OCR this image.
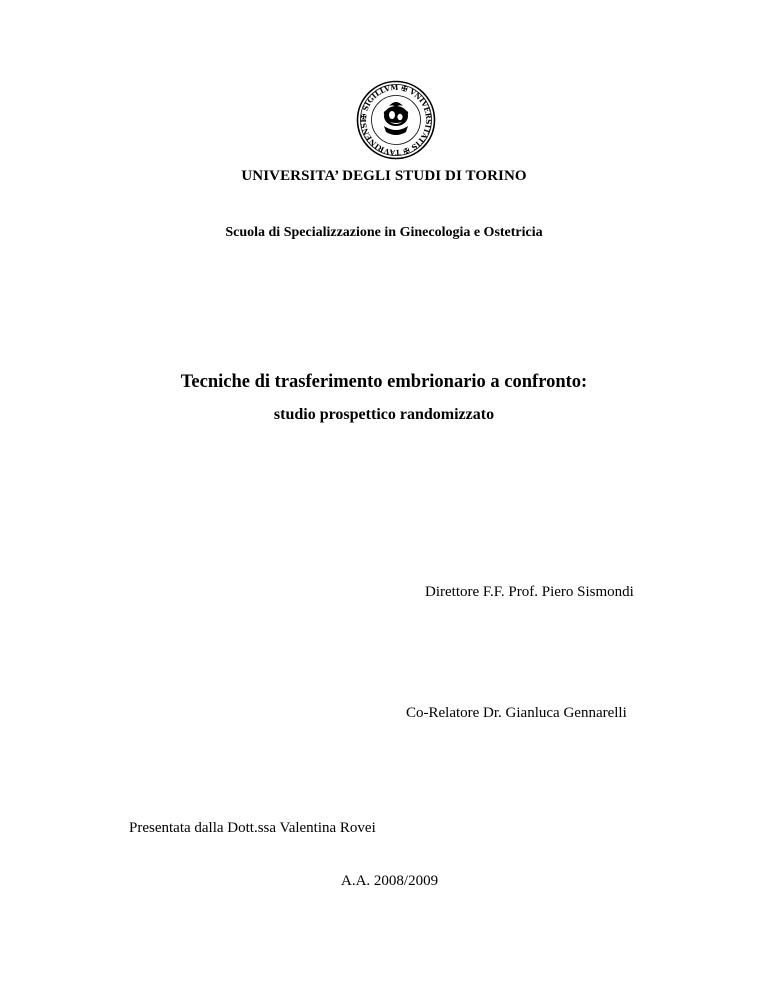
✠ SIGILLVM ✠ VNIVERSITATIS ✠ TAVRINENSI
UNIVERSITA’ DEGLI STUDI DI TORINO
Scuola di Specializzazione in Ginecologia e Ostetricia
Tecniche di trasferimento embrionario a confronto:
studio prospettico randomizzato
Direttore F.F. Prof. Piero Sismondi
Co-Relatore Dr. Gianluca Gennarelli
Presentata dalla Dott.ssa Valentina Rovei
A.A. 2008/2009
